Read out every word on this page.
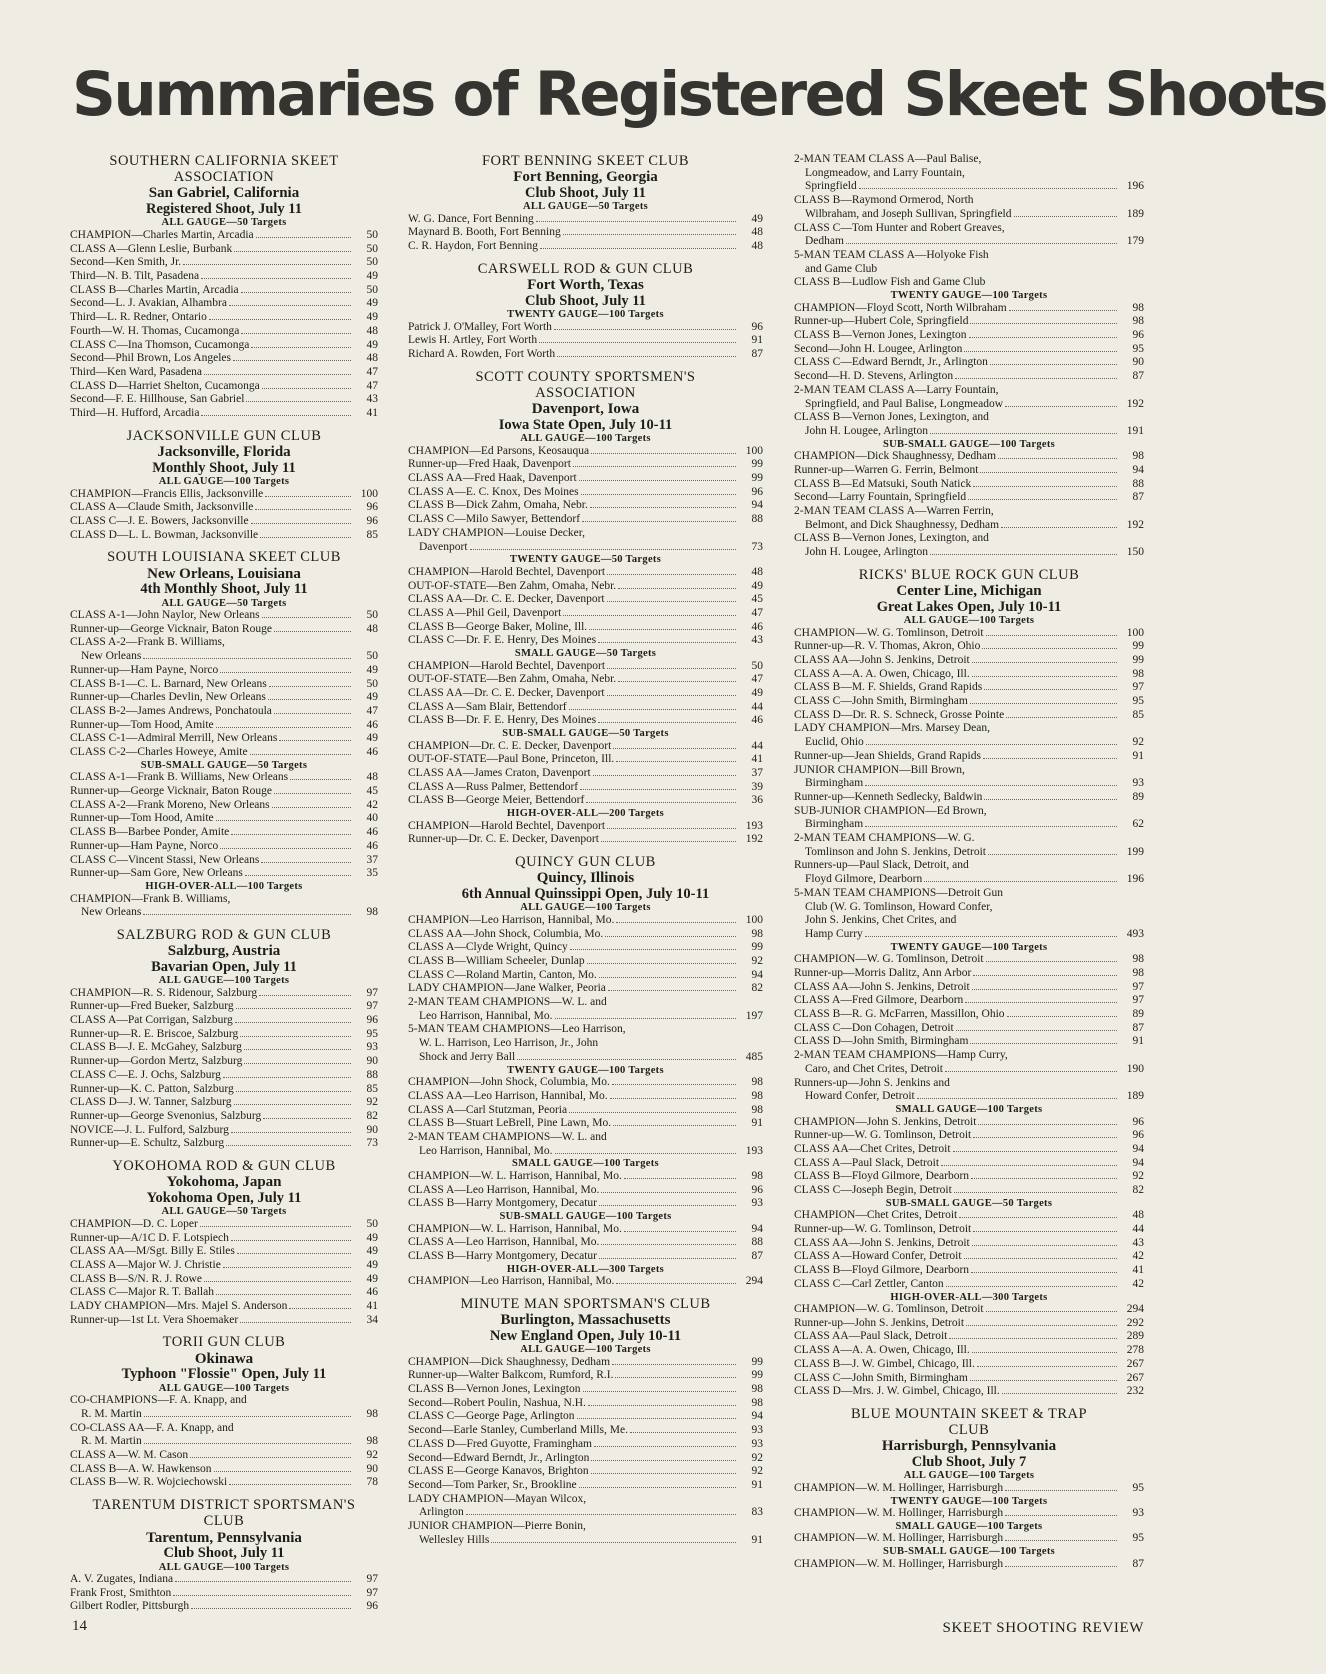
Summaries of Registered Skeet Shoots
SOUTHERN CALIFORNIA SKEET
ASSOCIATION
San Gabriel, California
Registered Shoot, July 11
ALL GAUGE—50 Targets
CHAMPION—Charles Martin, Arcadia	50
CLASS A—Glenn Leslie, Burbank	50
Second—Ken Smith, Jr.	50
Third—N. B. Tilt, Pasadena	49
CLASS B—Charles Martin, Arcadia	50
Second—L. J. Avakian, Alhambra	49
Third—L. R. Redner, Ontario	49
Fourth—W. H. Thomas, Cucamonga	48
CLASS C—Ina Thomson, Cucamonga	49
Second—Phil Brown, Los Angeles	48
Third—Ken Ward, Pasadena	47
CLASS D—Harriet Shelton, Cucamonga	47
Second—F. E. Hillhouse, San Gabriel	43
Third—H. Hufford, Arcadia	41
JACKSONVILLE GUN CLUB
Jacksonville, Florida
Monthly Shoot, July 11
ALL GAUGE—100 Targets
CHAMPION—Francis Ellis, Jacksonville	100
CLASS A—Claude Smith, Jacksonville	96
CLASS C—J. E. Bowers, Jacksonville	96
CLASS D—L. L. Bowman, Jacksonville	85
SOUTH LOUISIANA SKEET CLUB
New Orleans, Louisiana
4th Monthly Shoot, July 11
ALL GAUGE—50 Targets
CLASS A-1—John Naylor, New Orleans	50
Runner-up—George Vicknair, Baton Rouge	48
CLASS A-2—Frank B. Williams,
New Orleans	50
Runner-up—Ham Payne, Norco	49
CLASS B-1—C. L. Barnard, New Orleans	50
Runner-up—Charles Devlin, New Orleans	49
CLASS B-2—James Andrews, Ponchatoula	47
Runner-up—Tom Hood, Amite	46
CLASS C-1—Admiral Merrill, New Orleans	49
CLASS C-2—Charles Howeye, Amite	46
SUB-SMALL GAUGE—50 Targets
CLASS A-1—Frank B. Williams, New Orleans	48
Runner-up—George Vicknair, Baton Rouge	45
CLASS A-2—Frank Moreno, New Orleans	42
Runner-up—Tom Hood, Amite	40
CLASS B—Barbee Ponder, Amite	46
Runner-up—Ham Payne, Norco	46
CLASS C—Vincent Stassi, New Orleans	37
Runner-up—Sam Gore, New Orleans	35
HIGH-OVER-ALL—100 Targets
CHAMPION—Frank B. Williams,
New Orleans	98
SALZBURG ROD & GUN CLUB
Salzburg, Austria
Bavarian Open, July 11
ALL GAUGE—100 Targets
CHAMPION—R. S. Ridenour, Salzburg	97
Runner-up—Fred Bueker, Salzburg	97
CLASS A—Pat Corrigan, Salzburg	96
Runner-up—R. E. Briscoe, Salzburg	95
CLASS B—J. E. McGahey, Salzburg	93
Runner-up—Gordon Mertz, Salzburg	90
CLASS C—E. J. Ochs, Salzburg	88
Runner-up—K. C. Patton, Salzburg	85
CLASS D—J. W. Tanner, Salzburg	92
Runner-up—George Svenonius, Salzburg	82
NOVICE—J. L. Fulford, Salzburg	90
Runner-up—E. Schultz, Salzburg	73
YOKOHOMA ROD & GUN CLUB
Yokohoma, Japan
Yokohoma Open, July 11
ALL GAUGE—50 Targets
CHAMPION—D. C. Loper	50
Runner-up—A/1C D. F. Lotspiech	49
CLASS AA—M/Sgt. Billy E. Stiles	49
CLASS A—Major W. J. Christie	49
CLASS B—S/N. R. J. Rowe	49
CLASS C—Major R. T. Ballah	46
LADY CHAMPION—Mrs. Majel S. Anderson	41
Runner-up—1st Lt. Vera Shoemaker	34
TORII GUN CLUB
Okinawa
Typhoon "Flossie" Open, July 11
ALL GAUGE—100 Targets
CO-CHAMPIONS—F. A. Knapp, and
R. M. Martin	98
CO-CLASS AA—F. A. Knapp, and
R. M. Martin	98
CLASS A—W. M. Cason	92
CLASS B—A. W. Hawkenson	90
CLASS B—W. R. Wojciechowski	78
TARENTUM DISTRICT SPORTSMAN'S
CLUB
Tarentum, Pennsylvania
Club Shoot, July 11
ALL GAUGE—100 Targets
A. V. Zugates, Indiana	97
Frank Frost, Smithton	97
Gilbert Rodler, Pittsburgh	96
FORT BENNING SKEET CLUB
Fort Benning, Georgia
Club Shoot, July 11
ALL GAUGE—50 Targets
W. G. Dance, Fort Benning	49
Maynard B. Booth, Fort Benning	48
C. R. Haydon, Fort Benning	48
CARSWELL ROD & GUN CLUB
Fort Worth, Texas
Club Shoot, July 11
TWENTY GAUGE—100 Targets
Patrick J. O'Malley, Fort Worth	96
Lewis H. Artley, Fort Worth	91
Richard A. Rowden, Fort Worth	87
SCOTT COUNTY SPORTSMEN'S
ASSOCIATION
Davenport, Iowa
Iowa State Open, July 10-11
ALL GAUGE—100 Targets
CHAMPION—Ed Parsons, Keosauqua	100
Runner-up—Fred Haak, Davenport	99
CLASS AA—Fred Haak, Davenport	99
CLASS A—E. C. Knox, Des Moines	96
CLASS B—Dick Zahm, Omaha, Nebr.	94
CLASS C—Milo Sawyer, Bettendorf	88
LADY CHAMPION—Louise Decker,
Davenport	73
TWENTY GAUGE—50 Targets
CHAMPION—Harold Bechtel, Davenport	48
OUT-OF-STATE—Ben Zahm, Omaha, Nebr.	49
CLASS AA—Dr. C. E. Decker, Davenport	45
CLASS A—Phil Geil, Davenport	47
CLASS B—George Baker, Moline, Ill.	46
CLASS C—Dr. F. E. Henry, Des Moines	43
SMALL GAUGE—50 Targets
CHAMPION—Harold Bechtel, Davenport	50
OUT-OF-STATE—Ben Zahm, Omaha, Nebr.	47
CLASS AA—Dr. C. E. Decker, Davenport	49
CLASS A—Sam Blair, Bettendorf	44
CLASS B—Dr. F. E. Henry, Des Moines	46
SUB-SMALL GAUGE—50 Targets
CHAMPION—Dr. C. E. Decker, Davenport	44
OUT-OF-STATE—Paul Bone, Princeton, Ill.	41
CLASS AA—James Craton, Davenport	37
CLASS A—Russ Palmer, Bettendorf	39
CLASS B—George Meier, Bettendorf	36
HIGH-OVER-ALL—200 Targets
CHAMPION—Harold Bechtel, Davenport	193
Runner-up—Dr. C. E. Decker, Davenport	192
QUINCY GUN CLUB
Quincy, Illinois
6th Annual Quinssippi Open, July 10-11
ALL GAUGE—100 Targets
CHAMPION—Leo Harrison, Hannibal, Mo.	100
CLASS AA—John Shock, Columbia, Mo.	98
CLASS A—Clyde Wright, Quincy	99
CLASS B—William Scheeler, Dunlap	92
CLASS C—Roland Martin, Canton, Mo.	94
LADY CHAMPION—Jane Walker, Peoria	82
2-MAN TEAM CHAMPIONS—W. L. and
Leo Harrison, Hannibal, Mo.	197
5-MAN TEAM CHAMPIONS—Leo Harrison,
W. L. Harrison, Leo Harrison, Jr., John
Shock and Jerry Ball	485
TWENTY GAUGE—100 Targets
CHAMPION—John Shock, Columbia, Mo.	98
CLASS AA—Leo Harrison, Hannibal, Mo.	98
CLASS A—Carl Stutzman, Peoria	98
CLASS B—Stuart LeBrell, Pine Lawn, Mo.	91
2-MAN TEAM CHAMPIONS—W. L. and
Leo Harrison, Hannibal, Mo.	193
SMALL GAUGE—100 Targets
CHAMPION—W. L. Harrison, Hannibal, Mo.	98
CLASS A—Leo Harrison, Hannibal, Mo.	96
CLASS B—Harry Montgomery, Decatur	93
SUB-SMALL GAUGE—100 Targets
CHAMPION—W. L. Harrison, Hannibal, Mo.	94
CLASS A—Leo Harrison, Hannibal, Mo.	88
CLASS B—Harry Montgomery, Decatur	87
HIGH-OVER-ALL—300 Targets
CHAMPION—Leo Harrison, Hannibal, Mo.	294
MINUTE MAN SPORTSMAN'S CLUB
Burlington, Massachusetts
New England Open, July 10-11
ALL GAUGE—100 Targets
CHAMPION—Dick Shaughnessy, Dedham	99
Runner-up—Walter Balkcom, Rumford, R.I.	99
CLASS B—Vernon Jones, Lexington	98
Second—Robert Poulin, Nashua, N.H.	98
CLASS C—George Page, Arlington	94
Second—Earle Stanley, Cumberland Mills, Me.	93
CLASS D—Fred Guyotte, Framingham	93
Second—Edward Berndt, Jr., Arlington	92
CLASS E—George Kanavos, Brighton	92
Second—Tom Parker, Sr., Brookline	91
LADY CHAMPION—Mayan Wilcox,
Arlington	83
JUNIOR CHAMPION—Pierre Bonin,
Wellesley Hills	91
2-MAN TEAM CLASS A—Paul Balise,
Longmeadow, and Larry Fountain,
Springfield	196
CLASS B—Raymond Ormerod, North
Wilbraham, and Joseph Sullivan, Springfield	189
CLASS C—Tom Hunter and Robert Greaves,
Dedham	179
5-MAN TEAM CLASS A—Holyoke Fish
and Game Club
CLASS B—Ludlow Fish and Game Club
TWENTY GAUGE—100 Targets
CHAMPION—Floyd Scott, North Wilbraham	98
Runner-up—Hubert Cole, Springfield	98
CLASS B—Vernon Jones, Lexington	96
Second—John H. Lougee, Arlington	95
CLASS C—Edward Berndt, Jr., Arlington	90
Second—H. D. Stevens, Arlington	87
2-MAN TEAM CLASS A—Larry Fountain,
Springfield, and Paul Balise, Longmeadow	192
CLASS B—Vernon Jones, Lexington, and
John H. Lougee, Arlington	191
SUB-SMALL GAUGE—100 Targets
CHAMPION—Dick Shaughnessy, Dedham	98
Runner-up—Warren G. Ferrin, Belmont	94
CLASS B—Ed Matsuki, South Natick	88
Second—Larry Fountain, Springfield	87
2-MAN TEAM CLASS A—Warren Ferrin,
Belmont, and Dick Shaughnessy, Dedham	192
CLASS B—Vernon Jones, Lexington, and
John H. Lougee, Arlington	150
RICKS' BLUE ROCK GUN CLUB
Center Line, Michigan
Great Lakes Open, July 10-11
ALL GAUGE—100 Targets
CHAMPION—W. G. Tomlinson, Detroit	100
Runner-up—R. V. Thomas, Akron, Ohio	99
CLASS AA—John S. Jenkins, Detroit	99
CLASS A—A. A. Owen, Chicago, Ill.	98
CLASS B—M. F. Shields, Grand Rapids	97
CLASS C—John Smith, Birmingham	95
CLASS D—Dr. R. S. Schneck, Grosse Pointe	85
LADY CHAMPION—Mrs. Marsey Dean,
Euclid, Ohio	92
Runner-up—Jean Shields, Grand Rapids	91
JUNIOR CHAMPION—Bill Brown,
Birmingham	93
Runner-up—Kenneth Sedlecky, Baldwin	89
SUB-JUNIOR CHAMPION—Ed Brown,
Birmingham	62
2-MAN TEAM CHAMPIONS—W. G.
Tomlinson and John S. Jenkins, Detroit	199
Runners-up—Paul Slack, Detroit, and
Floyd Gilmore, Dearborn	196
5-MAN TEAM CHAMPIONS—Detroit Gun
Club (W. G. Tomlinson, Howard Confer,
John S. Jenkins, Chet Crites, and
Hamp Curry	493
TWENTY GAUGE—100 Targets
CHAMPION—W. G. Tomlinson, Detroit	98
Runner-up—Morris Dalitz, Ann Arbor	98
CLASS AA—John S. Jenkins, Detroit	97
CLASS A—Fred Gilmore, Dearborn	97
CLASS B—R. G. McFarren, Massillon, Ohio	89
CLASS C—Don Cohagen, Detroit	87
CLASS D—John Smith, Birmingham	91
2-MAN TEAM CHAMPIONS—Hamp Curry,
Caro, and Chet Crites, Detroit	190
Runners-up—John S. Jenkins and
Howard Confer, Detroit	189
SMALL GAUGE—100 Targets
CHAMPION—John S. Jenkins, Detroit	96
Runner-up—W. G. Tomlinson, Detroit	96
CLASS AA—Chet Crites, Detroit	94
CLASS A—Paul Slack, Detroit	94
CLASS B—Floyd Gilmore, Dearborn	92
CLASS C—Joseph Begin, Detroit	82
SUB-SMALL GAUGE—50 Targets
CHAMPION—Chet Crites, Detroit	48
Runner-up—W. G. Tomlinson, Detroit	44
CLASS AA—John S. Jenkins, Detroit	43
CLASS A—Howard Confer, Detroit	42
CLASS B—Floyd Gilmore, Dearborn	41
CLASS C—Carl Zettler, Canton	42
HIGH-OVER-ALL—300 Targets
CHAMPION—W. G. Tomlinson, Detroit	294
Runner-up—John S. Jenkins, Detroit	292
CLASS AA—Paul Slack, Detroit	289
CLASS A—A. A. Owen, Chicago, Ill.	278
CLASS B—J. W. Gimbel, Chicago, Ill.	267
CLASS C—John Smith, Birmingham	267
CLASS D—Mrs. J. W. Gimbel, Chicago, Ill.	232
BLUE MOUNTAIN SKEET & TRAP
CLUB
Harrisburgh, Pennsylvania
Club Shoot, July 7
ALL GAUGE—100 Targets
CHAMPION—W. M. Hollinger, Harrisburgh	95
TWENTY GAUGE—100 Targets
CHAMPION—W. M. Hollinger, Harrisburgh	93
SMALL GAUGE—100 Targets
CHAMPION—W. M. Hollinger, Harrisburgh	95
SUB-SMALL GAUGE—100 Targets
CHAMPION—W. M. Hollinger, Harrisburgh	87
14	SKEET SHOOTING REVIEW
